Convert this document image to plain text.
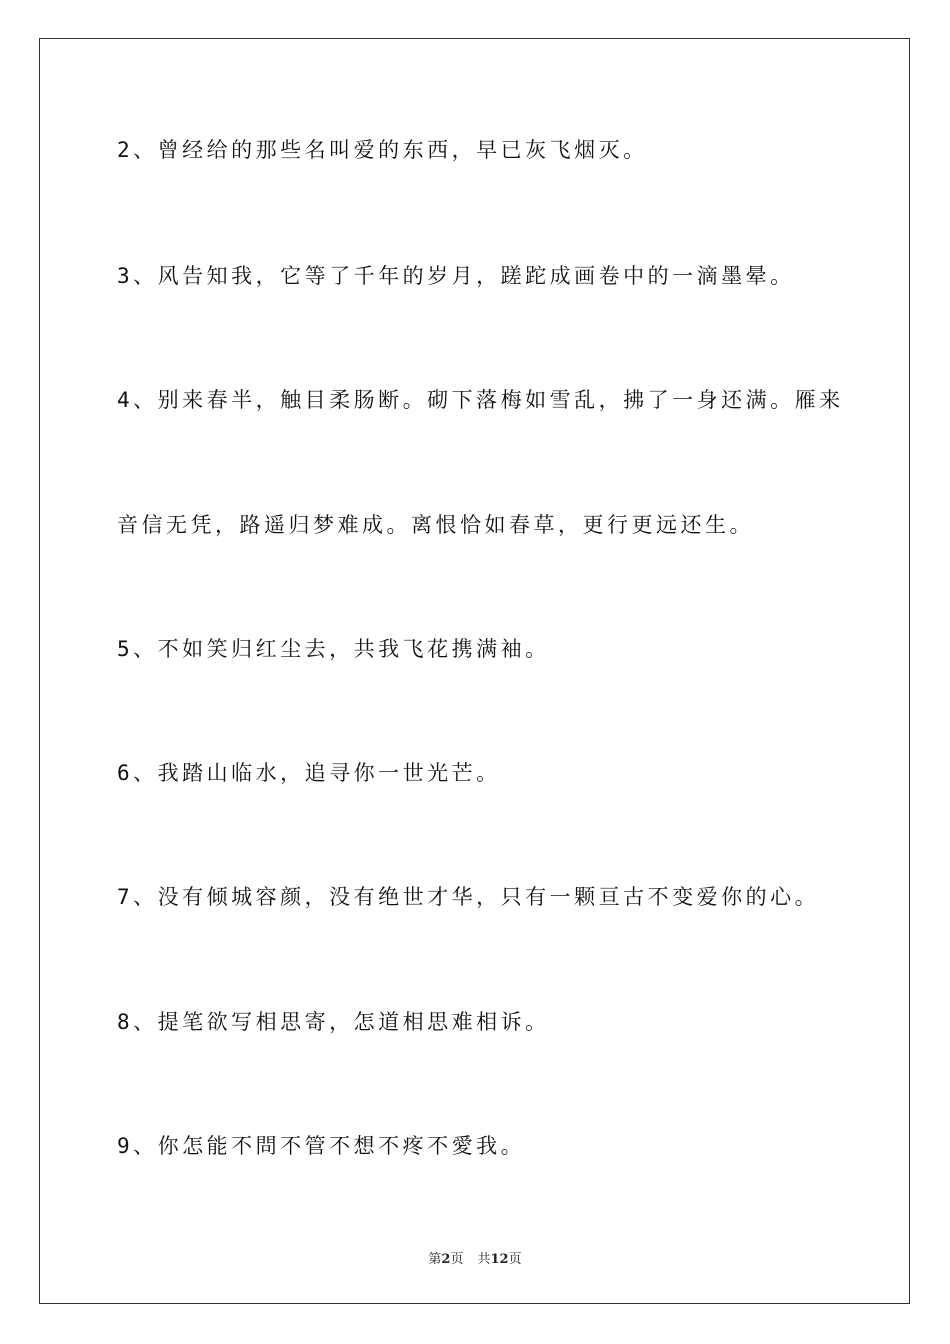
2、曾经给的那些名叫爱的东西，早已灰飞烟灭。
3、风告知我，它等了千年的岁月，蹉跎成画卷中的一滴墨晕。
4、别来春半，触目柔肠断。砌下落梅如雪乱，拂了一身还满。雁来
音信无凭，路遥归梦难成。离恨恰如春草，更行更远还生。
5、不如笑归红尘去，共我飞花携满袖。
6、我踏山临水，追寻你一世光芒。
7、没有倾城容颜，没有绝世才华，只有一颗亘古不变爱你的心。
8、提笔欲写相思寄，怎道相思难相诉。
9、你怎能不問不管不想不疼不愛我。
第2页 共12页
